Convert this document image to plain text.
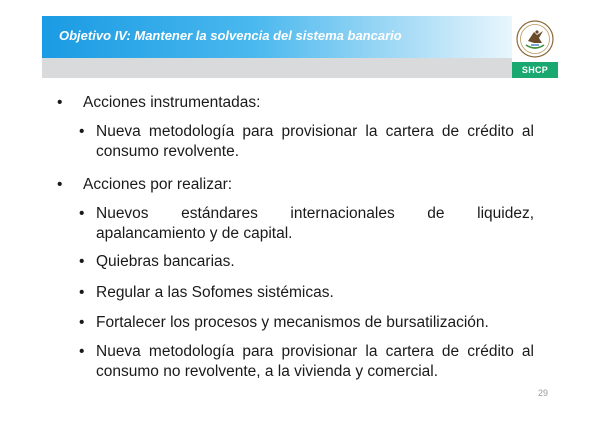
Objetivo IV: Mantener la solvencia del sistema bancario
SHCP
• Acciones instrumentadas:
• Nueva metodología para provisionar la cartera de crédito al consumo revolvente.
• Acciones por realizar:
• Nuevos estándares internacionales de liquidez, apalancamiento y de capital.
• Quiebras bancarias.
• Regular a las Sofomes sistémicas.
• Fortalecer los procesos y mecanismos de bursatilización.
• Nueva metodología para provisionar la cartera de crédito al consumo no revolvente, a la vivienda y comercial.
29
